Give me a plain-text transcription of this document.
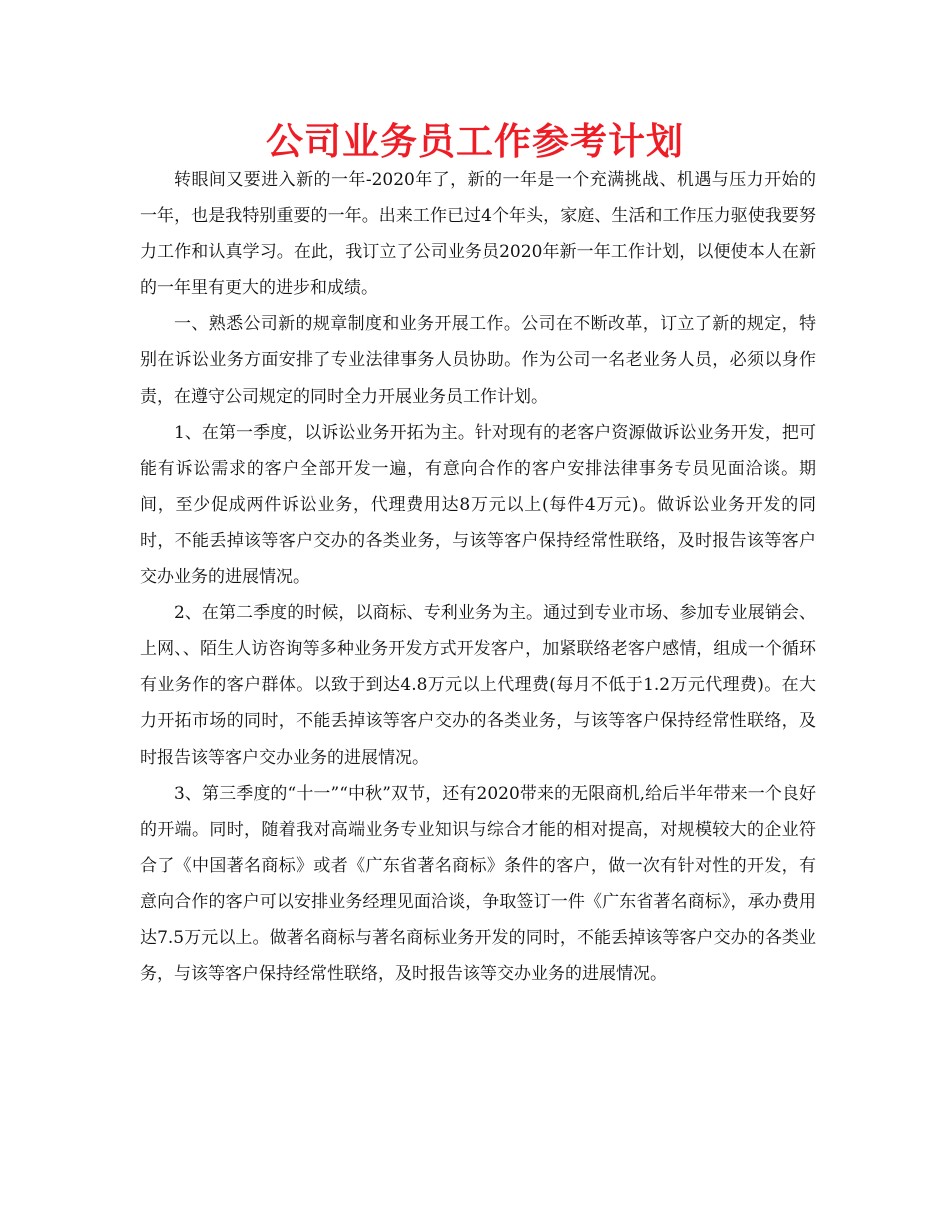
公司业务员工作参考计划

转眼间又要进入新的一年-2020年了，新的一年是一个充满挑战、机遇与压力开始的一年，也是我特别重要的一年。出来工作已过4个年头，家庭、生活和工作压力驱使我要努力工作和认真学习。在此，我订立了公司业务员2020年新一年工作计划，以便使本人在新的一年里有更大的进步和成绩。

一、熟悉公司新的规章制度和业务开展工作。公司在不断改革，订立了新的规定，特别在诉讼业务方面安排了专业法律事务人员协助。作为公司一名老业务人员，必须以身作责，在遵守公司规定的同时全力开展业务员工作计划。

1、在第一季度，以诉讼业务开拓为主。针对现有的老客户资源做诉讼业务开发，把可能有诉讼需求的客户全部开发一遍，有意向合作的客户安排法律事务专员见面洽谈。期间，至少促成两件诉讼业务，代理费用达8万元以上(每件4万元)。做诉讼业务开发的同时，不能丢掉该等客户交办的各类业务，与该等客户保持经常性联络，及时报告该等客户交办业务的进展情况。

2、在第二季度的时候，以商标、专利业务为主。通过到专业市场、参加专业展销会、上网、、陌生人访咨询等多种业务开发方式开发客户，加紧联络老客户感情，组成一个循环有业务作的客户群体。以致于到达4.8万元以上代理费(每月不低于1.2万元代理费)。在大力开拓市场的同时，不能丢掉该等客户交办的各类业务，与该等客户保持经常性联络，及时报告该等客户交办业务的进展情况。

3、第三季度的“十一”“中秋”双节，还有2020带来的无限商机,给后半年带来一个良好的开端。同时，随着我对高端业务专业知识与综合才能的相对提高，对规模较大的企业符合了《中国著名商标》或者《广东省著名商标》条件的客户，做一次有针对性的开发，有意向合作的客户可以安排业务经理见面洽谈，争取签订一件《广东省著名商标》，承办费用达7.5万元以上。做著名商标与著名商标业务开发的同时，不能丢掉该等客户交办的各类业务，与该等客户保持经常性联络，及时报告该等交办业务的进展情况。
